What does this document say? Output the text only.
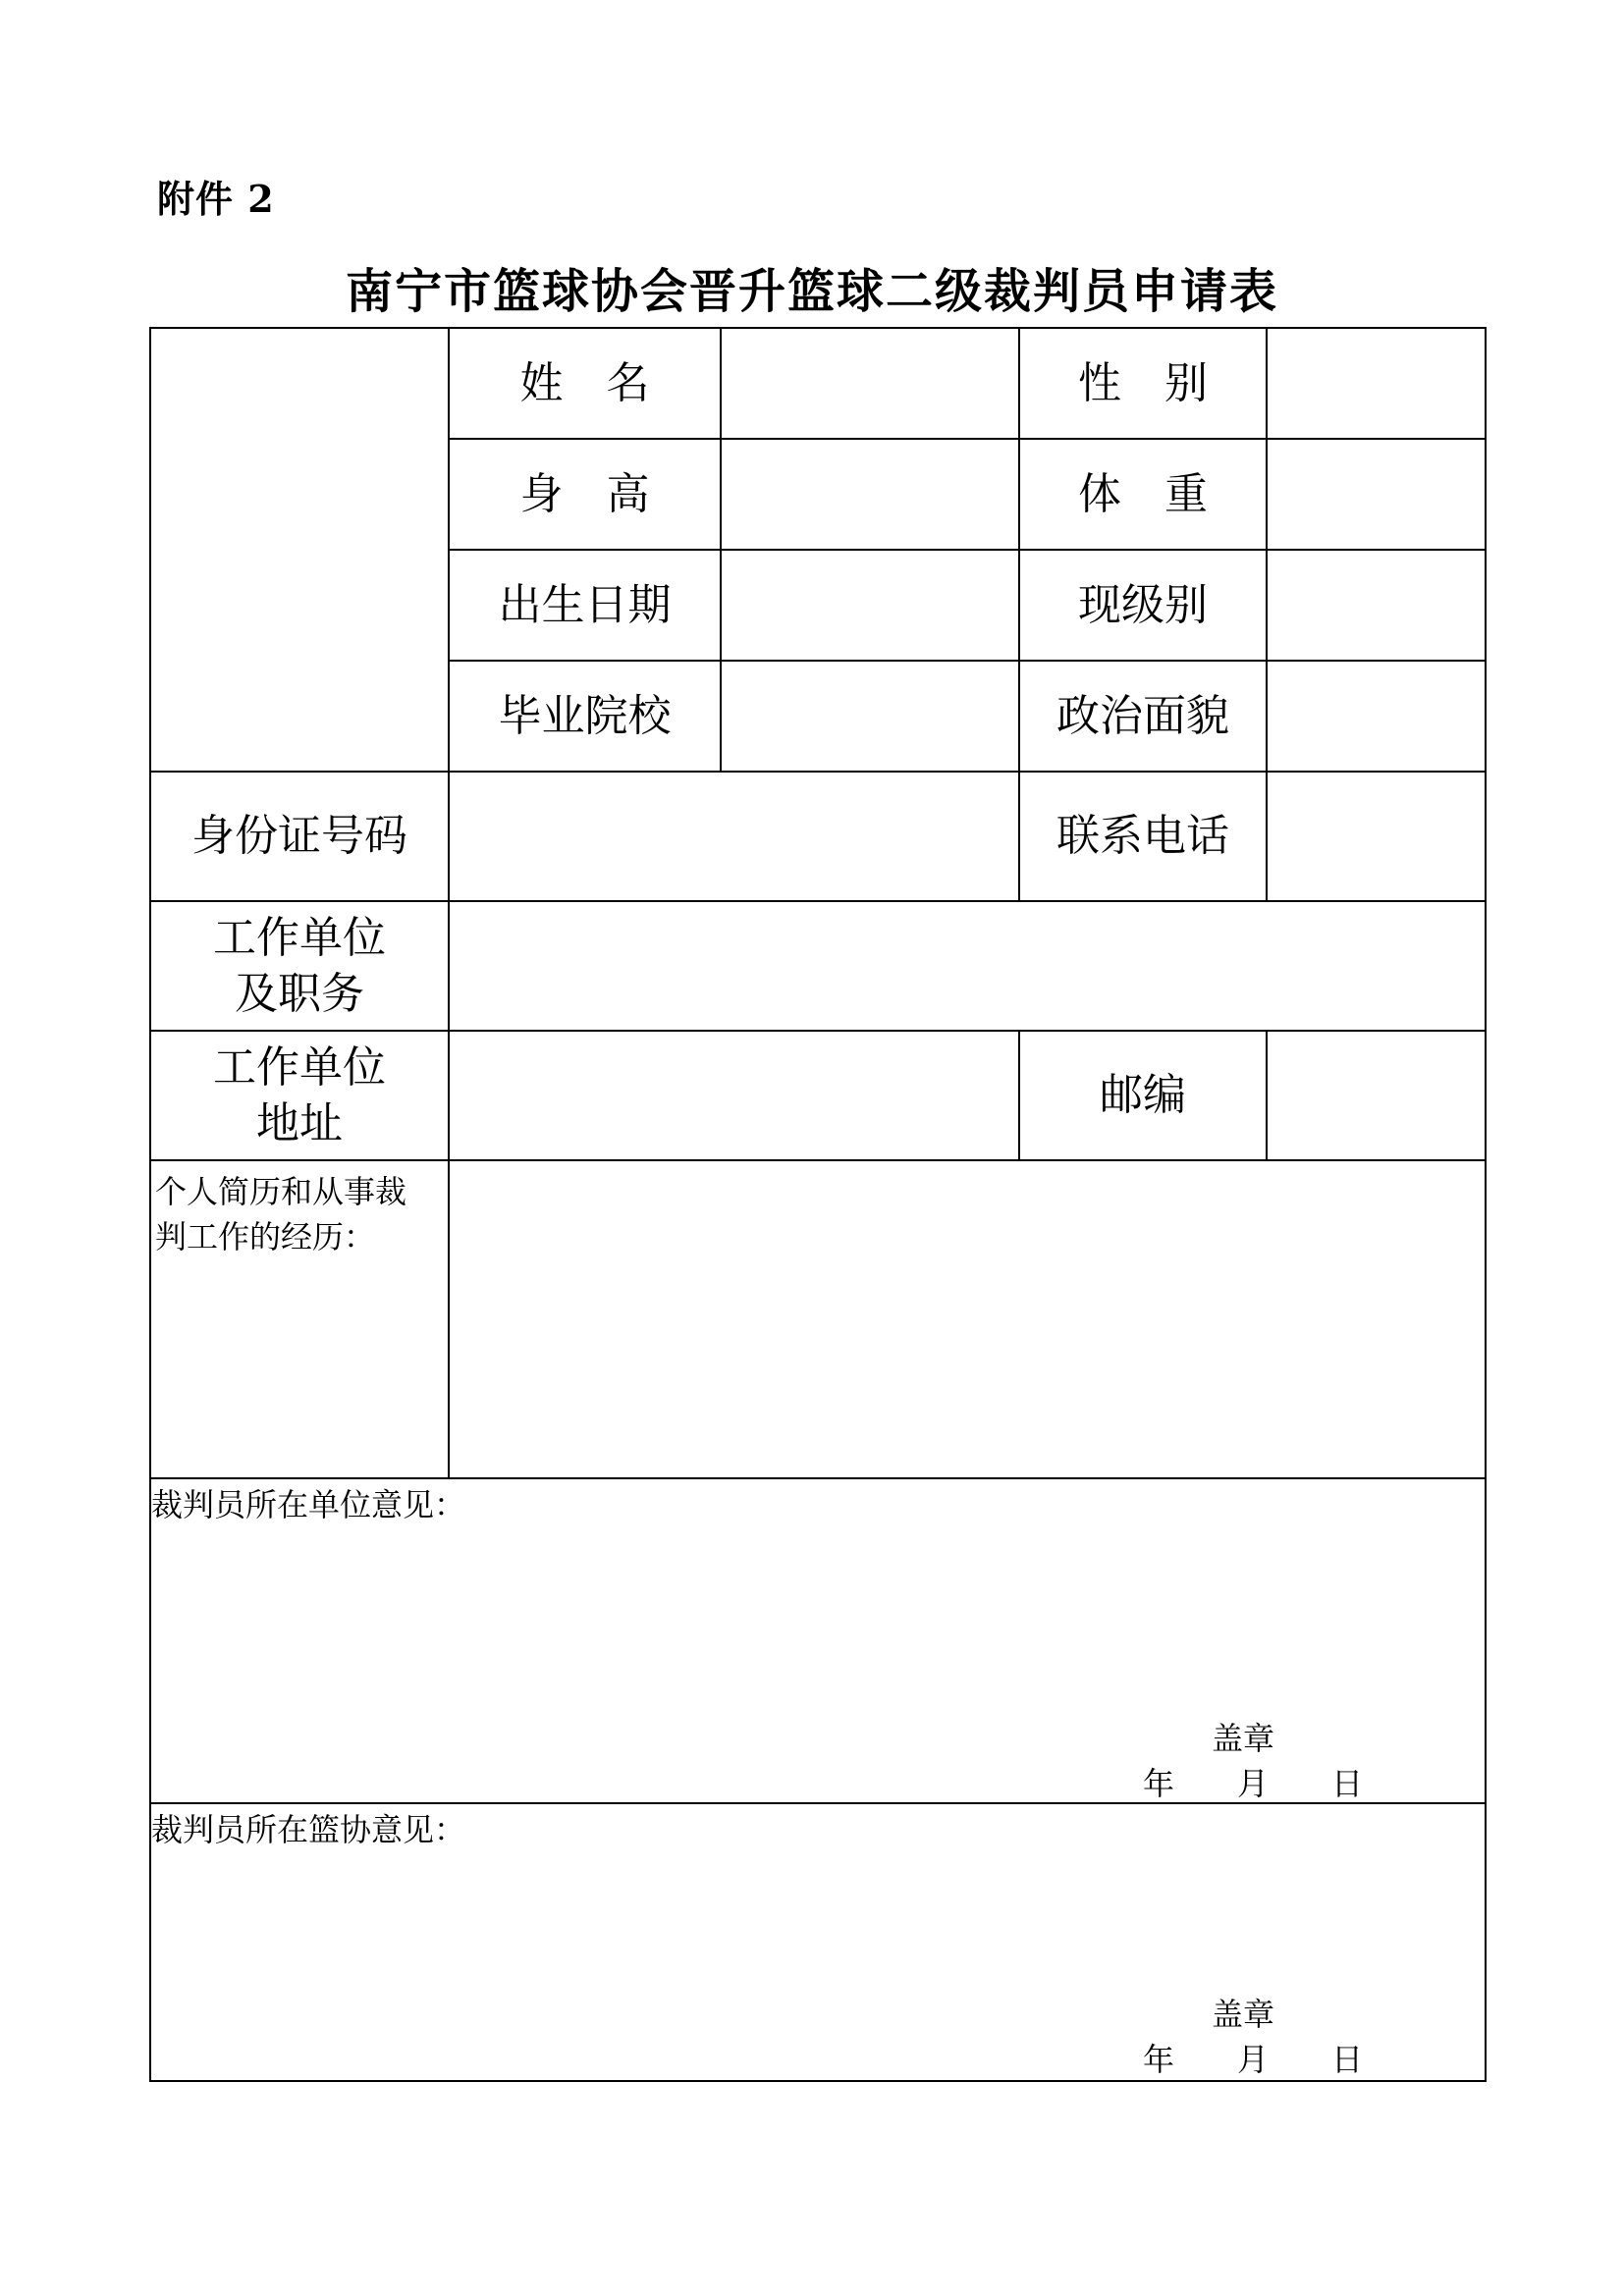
附件 2
南宁市篮球协会晋升篮球二级裁判员申请表
	姓　名		性　别	
	身　高		体　重	
	出生日期		现级别	
	毕业院校		政治面貌	
身份证号码			联系电话	

工作单位
及职务				

工作单位
地址			邮编	

个人简历和从事裁
判工作的经历：				

裁判员所在单位意见：
盖章
年　　月　　日				

裁判员所在篮协意见：
盖章
年　　月　　日				
